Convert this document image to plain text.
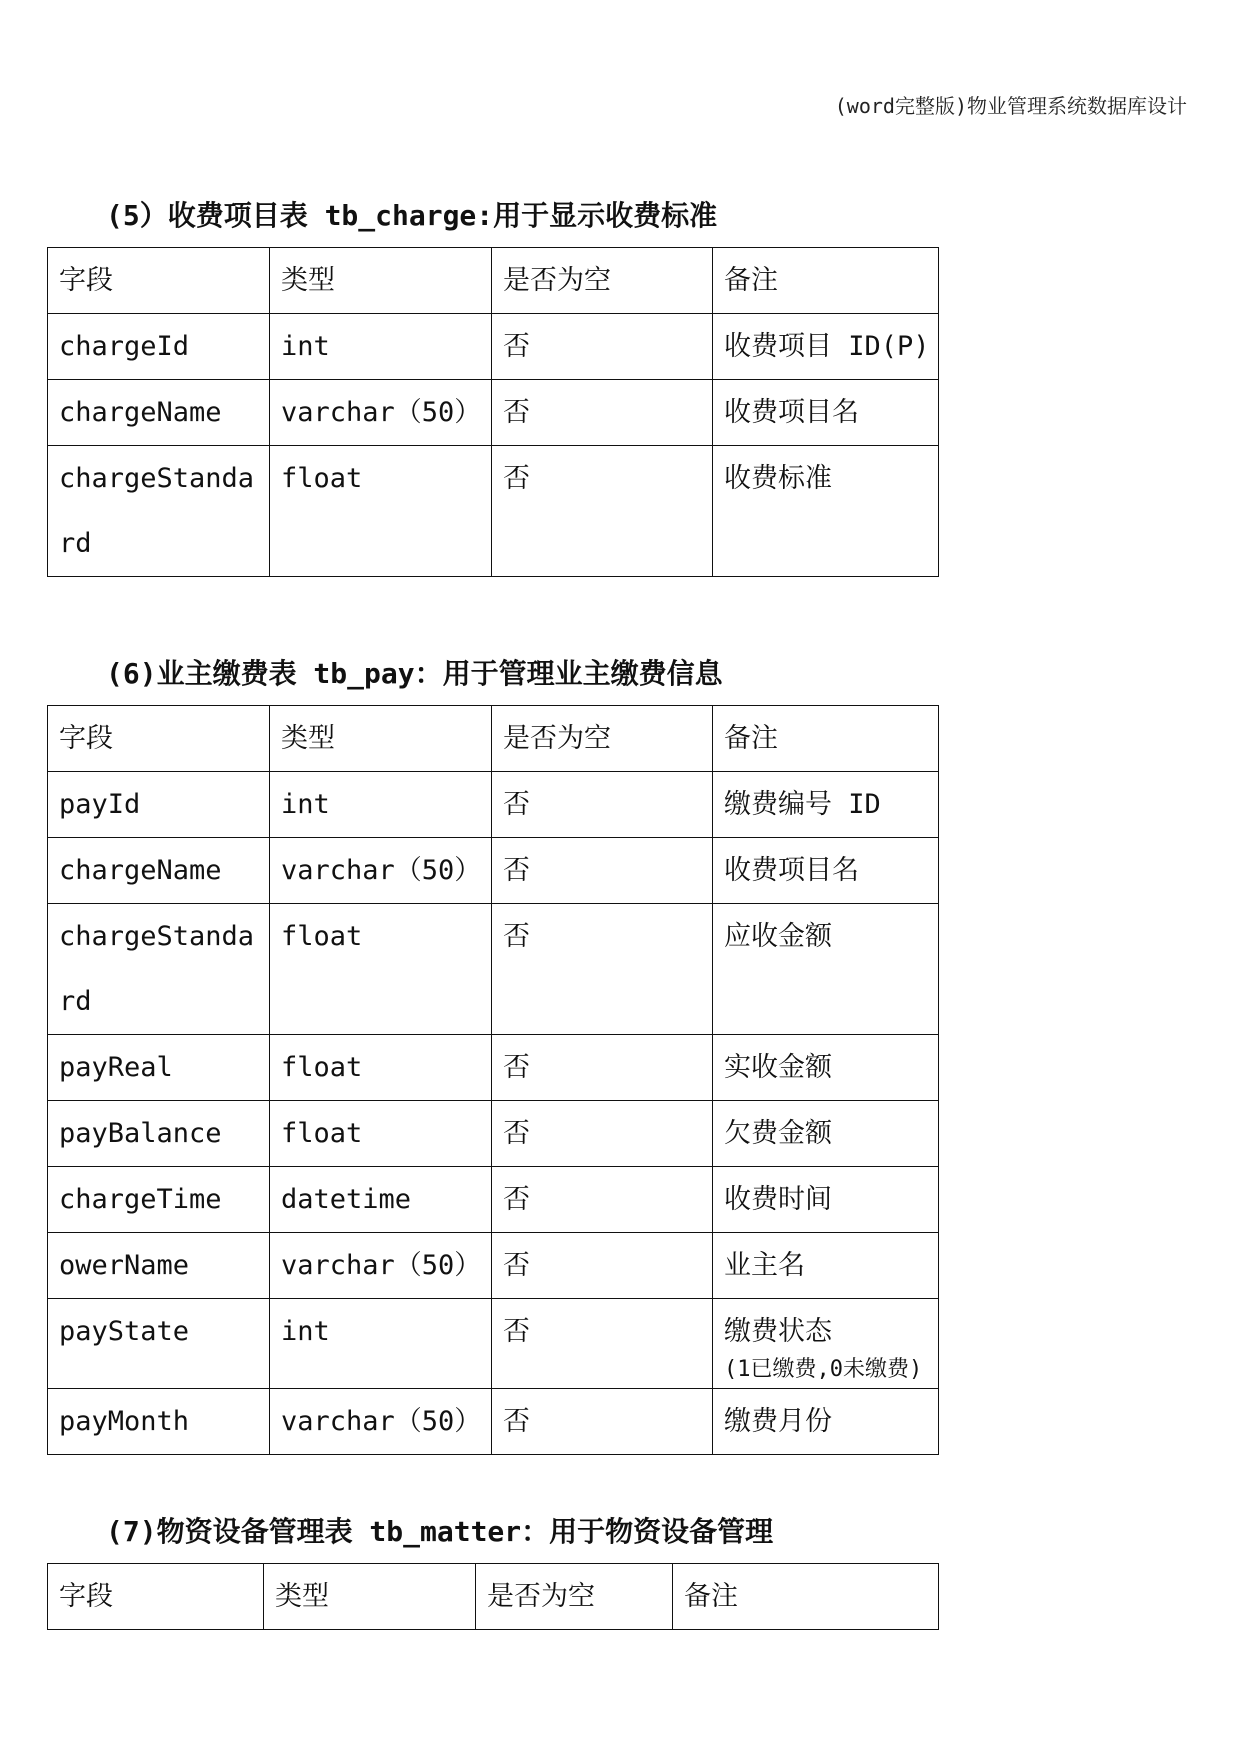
(word完整版)物业管理系统数据库设计
(5）收费项目表 tb_charge:用于显示收费标准
字段	类型	是否为空	备注
chargeId	int	否	收费项目 ID(P)
chargeName	varchar（50）	否	收费项目名
chargeStandard	float	否	收费标准
(6)业主缴费表 tb_pay：用于管理业主缴费信息
字段	类型	是否为空	备注
payId	int	否	缴费编号 ID
chargeName	varchar（50）	否	收费项目名
chargeStandard	float	否	应收金额
payReal	float	否	实收金额
payBalance	float	否	欠费金额
chargeTime	datetime	否	收费时间
owerName	varchar（50）	否	业主名
payState	int	否	缴费状态
(1已缴费,0未缴费)

payMonth	varchar（50）	否	缴费月份
(7)物资设备管理表 tb_matter：用于物资设备管理
字段	类型	是否为空	备注
